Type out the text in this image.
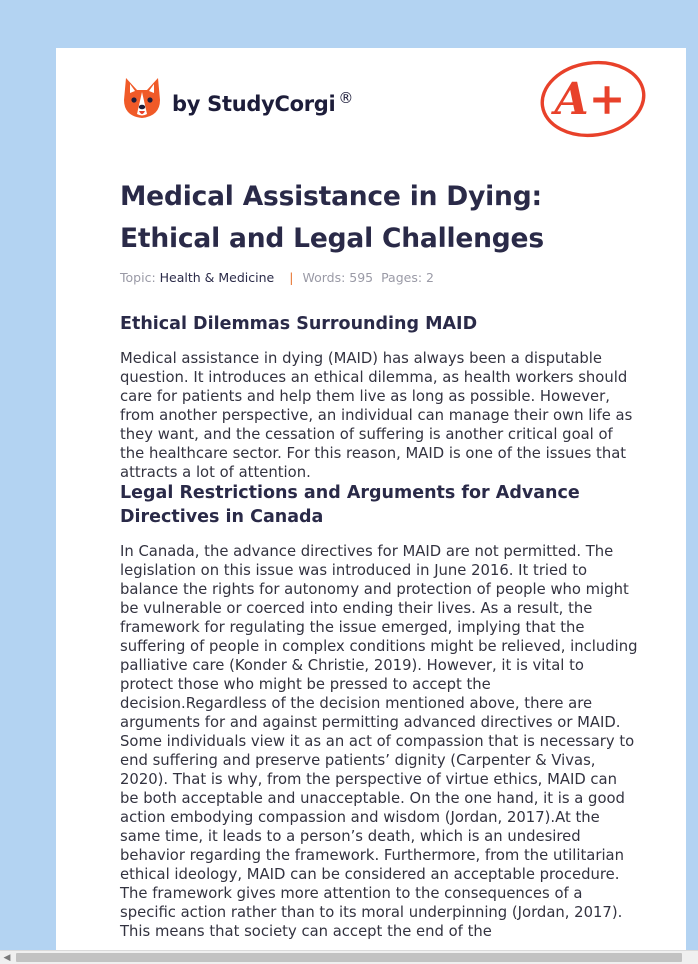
by StudyCorgi ®	A+
Medical Assistance in Dying:
Ethical and Legal Challenges
Topic: Health & Medicine | Words: 595 Pages: 2
Ethical Dilemmas Surrounding MAID

Medical assistance in dying (MAID) has always been a disputable question. It introduces an ethical dilemma, as health workers should care for patients and help them live as long as possible. However, from another perspective, an individual can manage their own life as they want, and the cessation of suffering is another critical goal of the healthcare sector. For this reason, MAID is one of the issues that attracts a lot of attention.

Legal Restrictions and Arguments for Advance Directives in Canada

In Canada, the advance directives for MAID are not permitted. The legislation on this issue was introduced in June 2016. It tried to balance the rights for autonomy and protection of people who might be vulnerable or coerced into ending their lives. As a result, the framework for regulating the issue emerged, implying that the suffering of people in complex conditions might be relieved, including palliative care (Konder & Christie, 2019). However, it is vital to protect those who might be pressed to accept the decision.Regardless of the decision mentioned above, there are arguments for and against permitting advanced directives or MAID. Some individuals view it as an act of compassion that is necessary to end suffering and preserve patients’ dignity (Carpenter & Vivas, 2020). That is why, from the perspective of virtue ethics, MAID can be both acceptable and unacceptable. On the one hand, it is a good action embodying compassion and wisdom (Jordan, 2017).At the same time, it leads to a person’s death, which is an undesired behavior regarding the framework. Furthermore, from the utilitarian ethical ideology, MAID can be considered an acceptable procedure. The framework gives more attention to the consequences of a specific action rather than to its moral underpinning (Jordan, 2017). This means that society can accept the end of the

◀
